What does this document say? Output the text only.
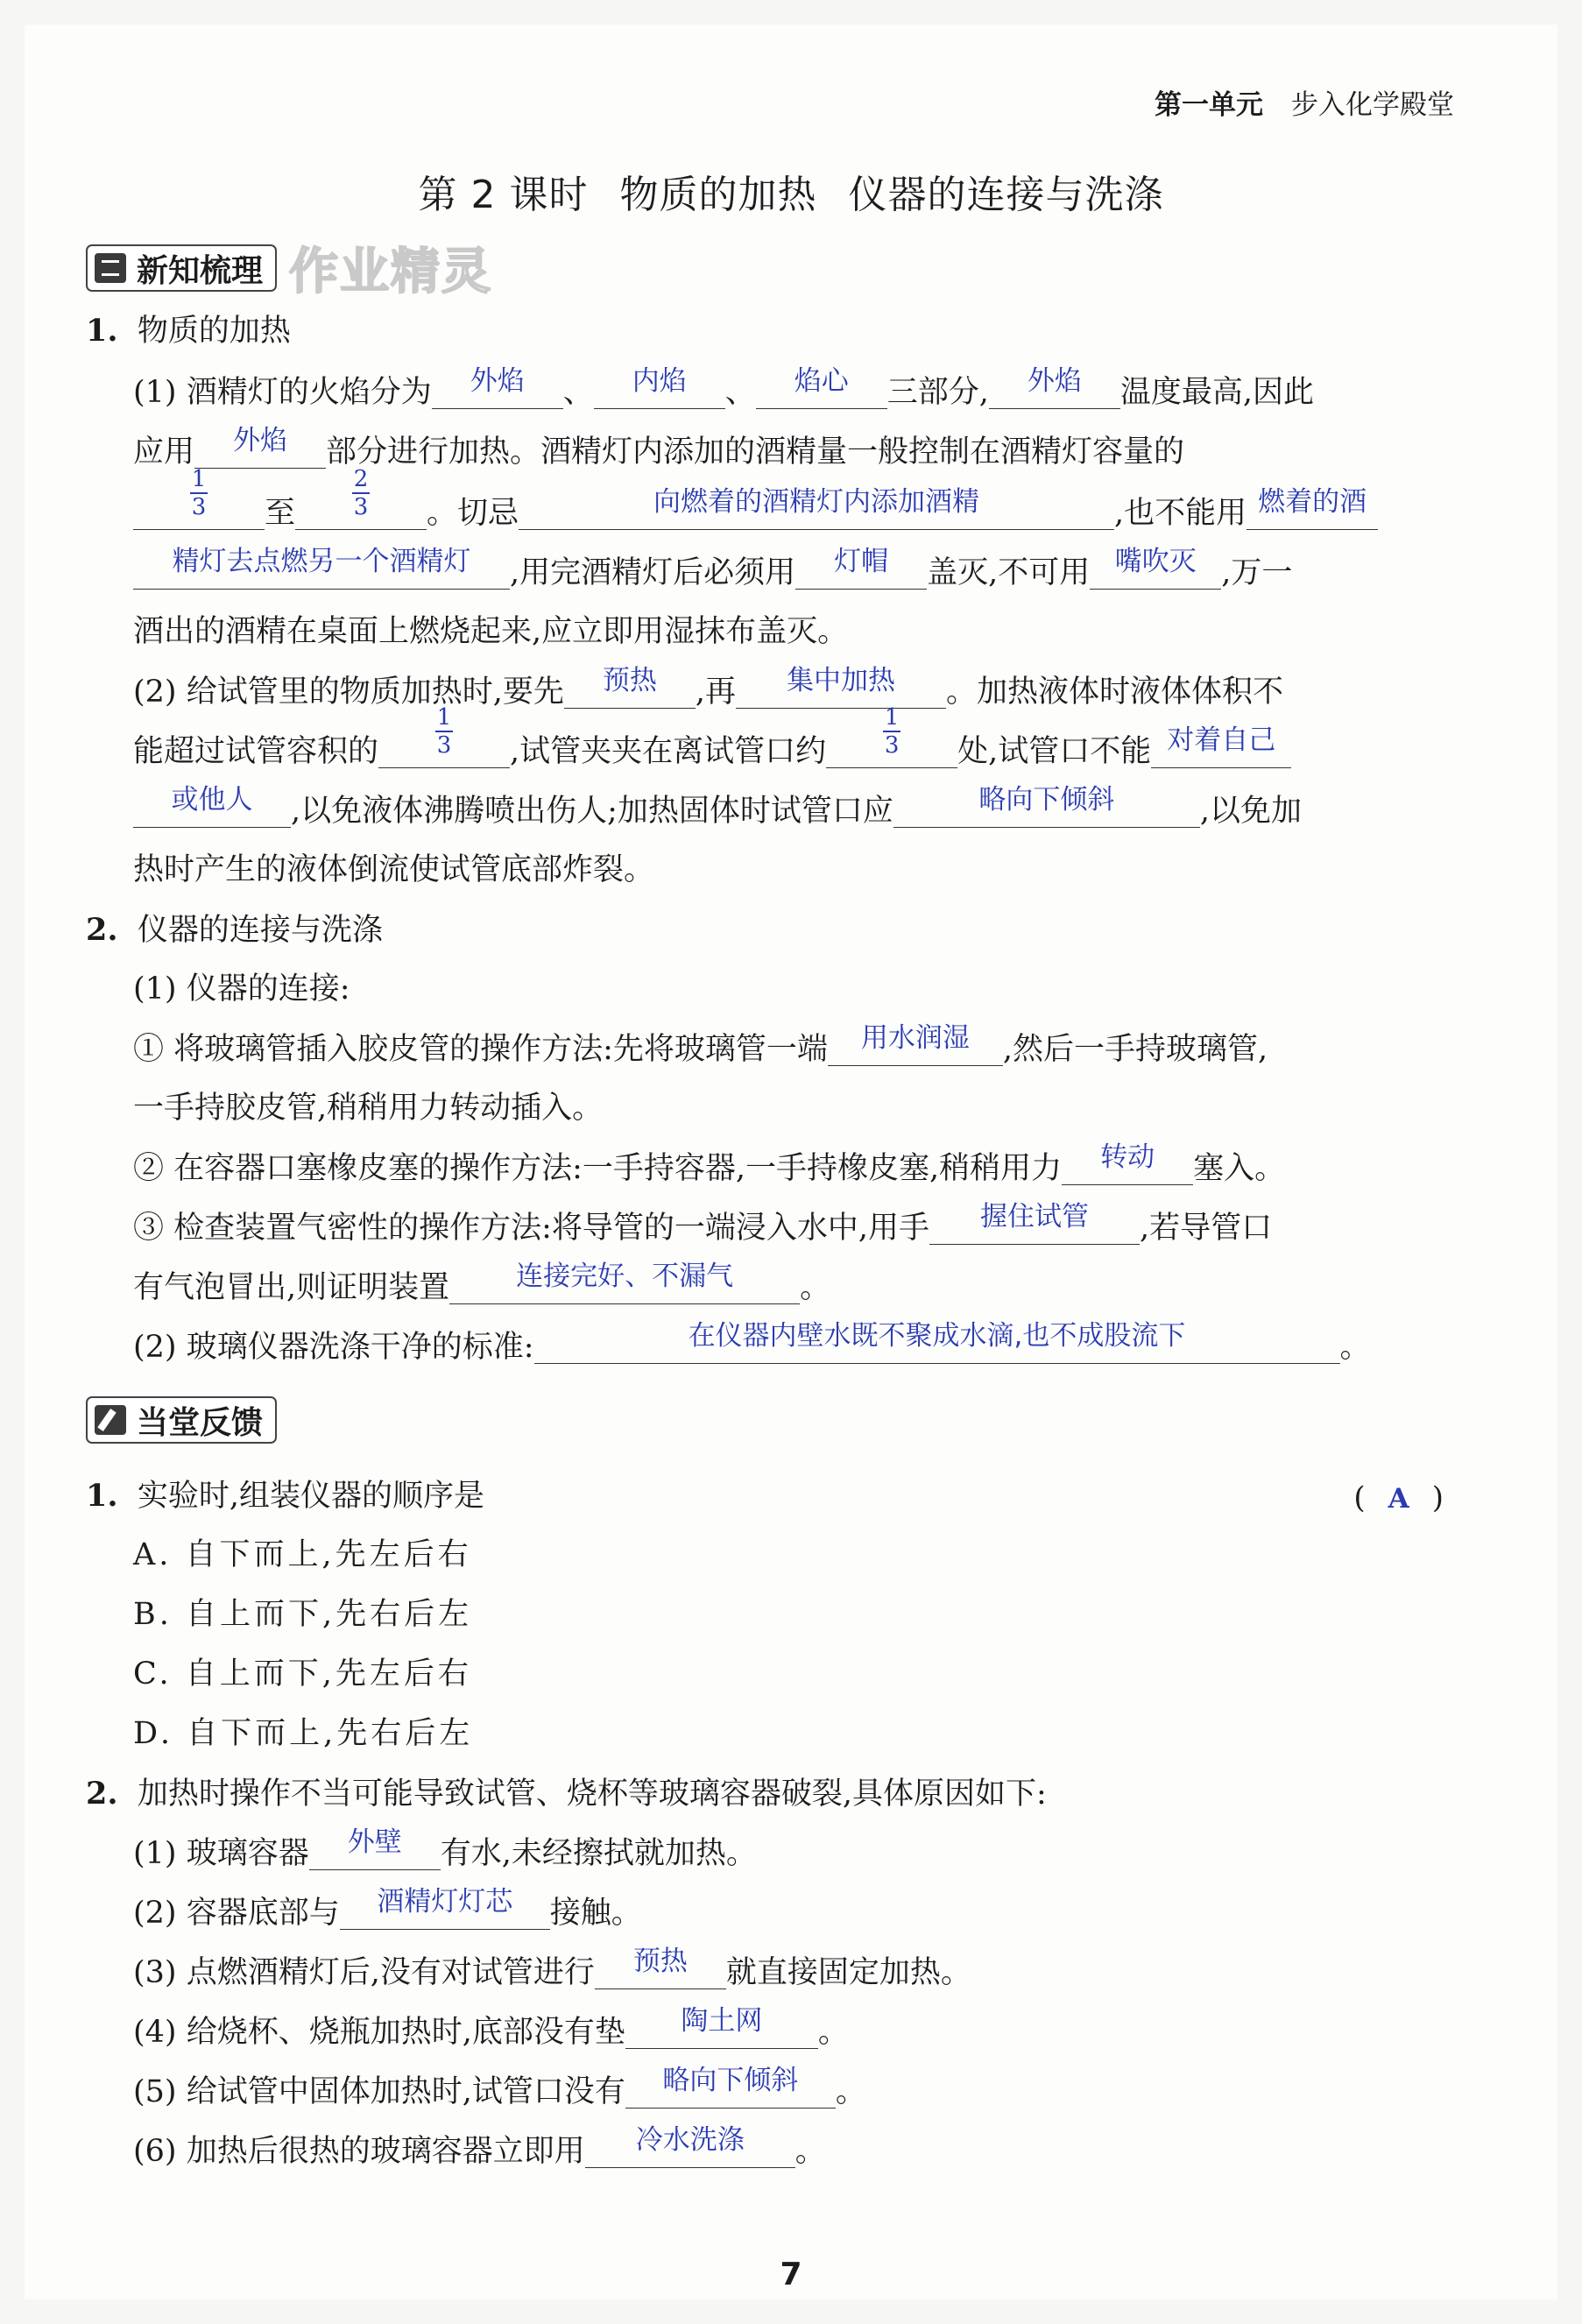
第一单元 步入化学殿堂
第 2 课时 物质的加热 仪器的连接与洗涤
新知梳理 作业精灵
1. 物质的加热
(1) 酒精灯的火焰分为	外焰	、	内焰	、	焰心	三部分,	外焰	温度最高,因此
应用	外焰	部分进行加热。酒精灯内添加的酒精量一般控制在酒精灯容量的
1
3 至
2
3 。切忌	向燃着的酒精灯内添加酒精	,也不能用 燃着的酒
精灯去点燃另一个酒精灯	,用完酒精灯后必须用	灯帽	盖灭,不可用 嘴吹灭 ,万一
酒出的酒精在桌面上燃烧起来,应立即用湿抹布盖灭。
(2) 给试管里的物质加热时,要先	预热	,再	集中加热	。加热液体时液体体积不
能超过试管容积的
1
3 ,试管夹夹在离试管口约
1
3 处,试管口不能 对着自己
或他人	,以免液体沸腾喷出伤人;加热固体时试管口应	略向下倾斜	,以免加
热时产生的液体倒流使试管底部炸裂。
2. 仪器的连接与洗涤
(1) 仪器的连接:
① 将玻璃管插入胶皮管的操作方法:先将玻璃管一端	用水润湿	,然后一手持玻璃管,
一手持胶皮管,稍稍用力转动插入。
② 在容器口塞橡皮塞的操作方法:一手持容器,一手持橡皮塞,稍稍用力	转动	塞入。
③ 检查装置气密性的操作方法:将导管的一端浸入水中,用手	握住试管	,若导管口
有气泡冒出,则证明装置	连接完好、不漏气	。
(2) 玻璃仪器洗涤干净的标准:	在仪器内壁水既不聚成水滴,也不成股流下	。
当堂反馈
1. 实验时,组装仪器的顺序是	( A )
A. 自下而上,先左后右
B. 自上而下,先右后左
C. 自上而下,先左后右
D. 自下而上,先右后左
2. 加热时操作不当可能导致试管、烧杯等玻璃容器破裂,具体原因如下:
(1) 玻璃容器	外壁	有水,未经擦拭就加热。
(2) 容器底部与	酒精灯灯芯	接触。
(3) 点燃酒精灯后,没有对试管进行	预热	就直接固定加热。
(4) 给烧杯、烧瓶加热时,底部没有垫	陶土网	。
(5) 给试管中固体加热时,试管口没有	略向下倾斜	。
(6) 加热后很热的玻璃容器立即用	冷水洗涤	。
7
